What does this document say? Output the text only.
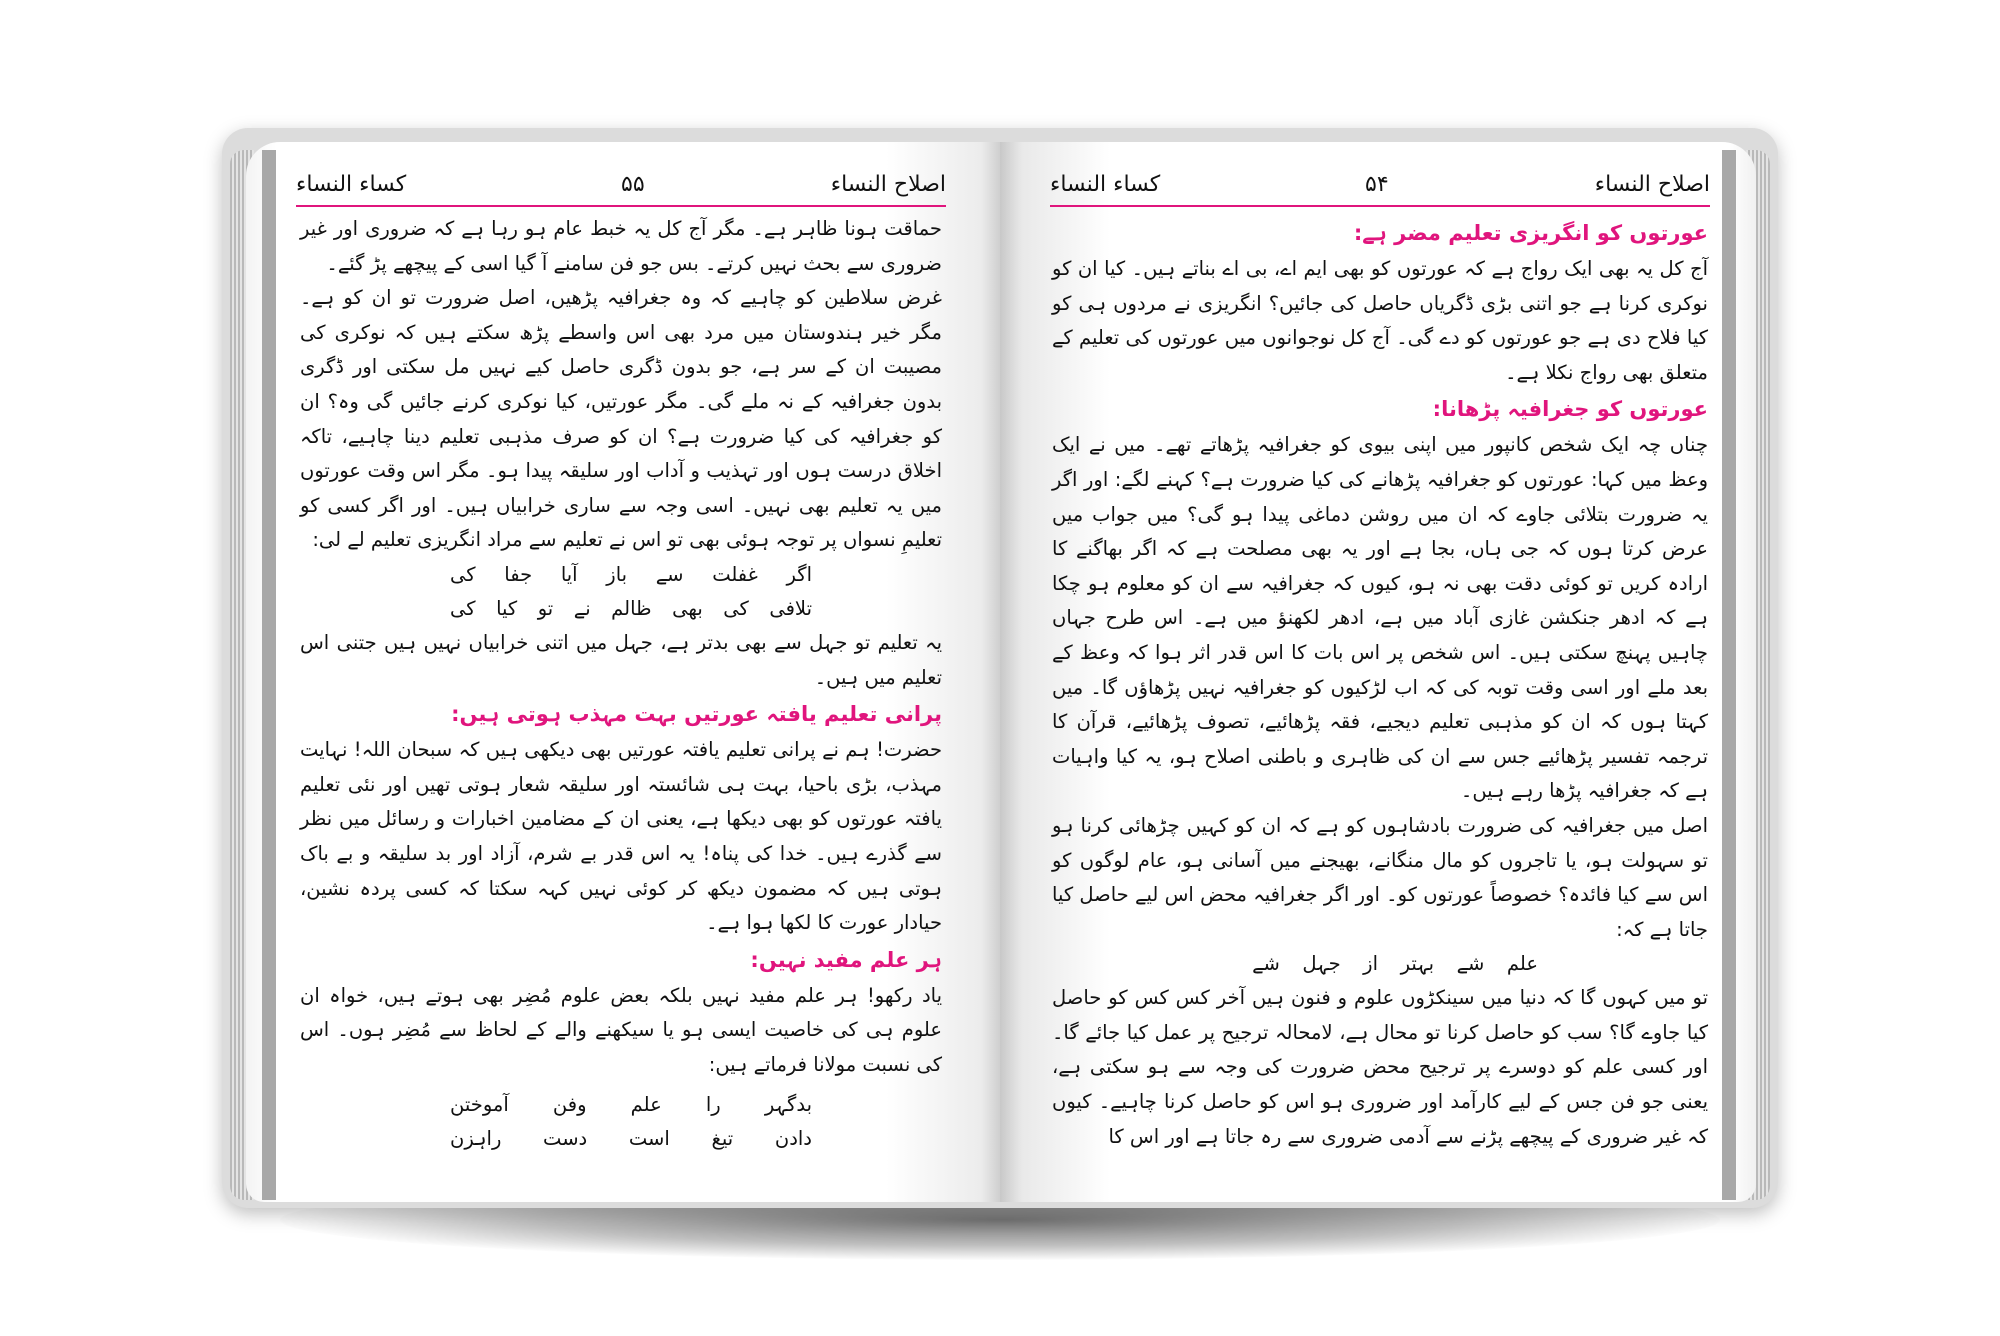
اصلاح النساء
۵۵
کساء النساء

حماقت ہونا ظاہر ہے۔ مگر آج کل یہ خبط عام ہو رہا ہے کہ ضروری اور غیر ضروری سے بحث نہیں کرتے۔ بس جو فن سامنے آ گیا اسی کے پیچھے پڑ گئے۔

غرض سلاطین کو چاہیے کہ وہ جغرافیہ پڑھیں، اصل ضرورت تو ان کو ہے۔ مگر خیر ہندوستان میں مرد بھی اس واسطے پڑھ سکتے ہیں کہ نوکری کی مصیبت ان کے سر ہے، جو بدون ڈگری حاصل کیے نہیں مل سکتی اور ڈگری بدون جغرافیہ کے نہ ملے گی۔ مگر عورتیں، کیا نوکری کرنے جائیں گی وہ؟ ان کو جغرافیہ کی کیا ضرورت ہے؟ ان کو صرف مذہبی تعلیم دینا چاہیے، تاکہ اخلاق درست ہوں اور تہذیب و آداب اور سلیقہ پیدا ہو۔ مگر اس وقت عورتوں میں یہ تعلیم بھی نہیں۔ اسی وجہ سے ساری خرابیاں ہیں۔ اور اگر کسی کو تعلیمِ نسواں پر توجہ ہوئی بھی تو اس نے تعلیم سے مراد انگریزی تعلیم لے لی:

اگر
غفلت
سے
باز
آیا
جفا
کی
تلافی
کی
بھی
ظالم
نے
تو
کیا
کی

یہ تعلیم تو جہل سے بھی بدتر ہے، جہل میں اتنی خرابیاں نہیں ہیں جتنی اس تعلیم میں ہیں۔

پرانی تعلیم یافتہ عورتیں بہت مہذب ہوتی ہیں:

حضرت! ہم نے پرانی تعلیم یافتہ عورتیں بھی دیکھی ہیں کہ سبحان اللہ! نہایت مہذب، بڑی باحیا، بہت ہی شائستہ اور سلیقہ شعار ہوتی تھیں اور نئی تعلیم یافتہ عورتوں کو بھی دیکھا ہے، یعنی ان کے مضامین اخبارات و رسائل میں نظر سے گذرے ہیں۔ خدا کی پناہ! یہ اس قدر بے شرم، آزاد اور بد سلیقہ و بے باک ہوتی ہیں کہ مضمون دیکھ کر کوئی نہیں کہہ سکتا کہ کسی پردہ نشین، حیادار عورت کا لکھا ہوا ہے۔

ہر علم مفید نہیں:

یاد رکھو! ہر علم مفید نہیں بلکہ بعض علوم مُضِر بھی ہوتے ہیں، خواہ ان علوم ہی کی خاصیت ایسی ہو یا سیکھنے والے کے لحاظ سے مُضِر ہوں۔ اس کی نسبت مولانا فرماتے ہیں:

بدگہر
را
علم
وفن
آموختن
دادن
تیغ
است
دست
راہزن
اصلاح النساء
۵۴
کساء النساء

عورتوں کو انگریزی تعلیم مضر ہے:

آج کل یہ بھی ایک رواج ہے کہ عورتوں کو بھی ایم اے، بی اے بناتے ہیں۔ کیا ان کو نوکری کرنا ہے جو اتنی بڑی ڈگریاں حاصل کی جائیں؟ انگریزی نے مردوں ہی کو کیا فلاح دی ہے جو عورتوں کو دے گی۔ آج کل نوجوانوں میں عورتوں کی تعلیم کے متعلق بھی رواج نکلا ہے۔

عورتوں کو جغرافیہ پڑھانا:

چناں چہ ایک شخص کانپور میں اپنی بیوی کو جغرافیہ پڑھاتے تھے۔ میں نے ایک وعظ میں کہا: عورتوں کو جغرافیہ پڑھانے کی کیا ضرورت ہے؟ کہنے لگے: اور اگر یہ ضرورت بتلائی جاوے کہ ان میں روشن دماغی پیدا ہو گی؟ میں جواب میں عرض کرتا ہوں کہ جی ہاں، بجا ہے اور یہ بھی مصلحت ہے کہ اگر بھاگنے کا ارادہ کریں تو کوئی دقت بھی نہ ہو، کیوں کہ جغرافیہ سے ان کو معلوم ہو چکا ہے کہ ادھر جنکشن غازی آباد میں ہے، ادھر لکھنؤ میں ہے۔ اس طرح جہاں چاہیں پہنچ سکتی ہیں۔ اس شخص پر اس بات کا اس قدر اثر ہوا کہ وعظ کے بعد ملے اور اسی وقت توبہ کی کہ اب لڑکیوں کو جغرافیہ نہیں پڑھاؤں گا۔ میں کہتا ہوں کہ ان کو مذہبی تعلیم دیجیے، فقہ پڑھائیے، تصوف پڑھائیے، قرآن کا ترجمہ تفسیر پڑھائیے جس سے ان کی ظاہری و باطنی اصلاح ہو، یہ کیا واہیات ہے کہ جغرافیہ پڑھا رہے ہیں۔

اصل میں جغرافیہ کی ضرورت بادشاہوں کو ہے کہ ان کو کہیں چڑھائی کرنا ہو تو سہولت ہو، یا تاجروں کو مال منگانے، بھیجنے میں آسانی ہو، عام لوگوں کو اس سے کیا فائدہ؟ خصوصاً عورتوں کو۔ اور اگر جغرافیہ محض اس لیے حاصل کیا جاتا ہے کہ:

علم
شے
بہتر
از
جہل
شے

تو میں کہوں گا کہ دنیا میں سینکڑوں علوم و فنون ہیں آخر کس کس کو حاصل کیا جاوے گا؟ سب کو حاصل کرنا تو محال ہے، لامحالہ ترجیح پر عمل کیا جائے گا۔ اور کسی علم کو دوسرے پر ترجیح محض ضرورت کی وجہ سے ہو سکتی ہے، یعنی جو فن جس کے لیے کارآمد اور ضروری ہو اس کو حاصل کرنا چاہیے۔ کیوں کہ غیر ضروری کے پیچھے پڑنے سے آدمی ضروری سے رہ جاتا ہے اور اس کا
